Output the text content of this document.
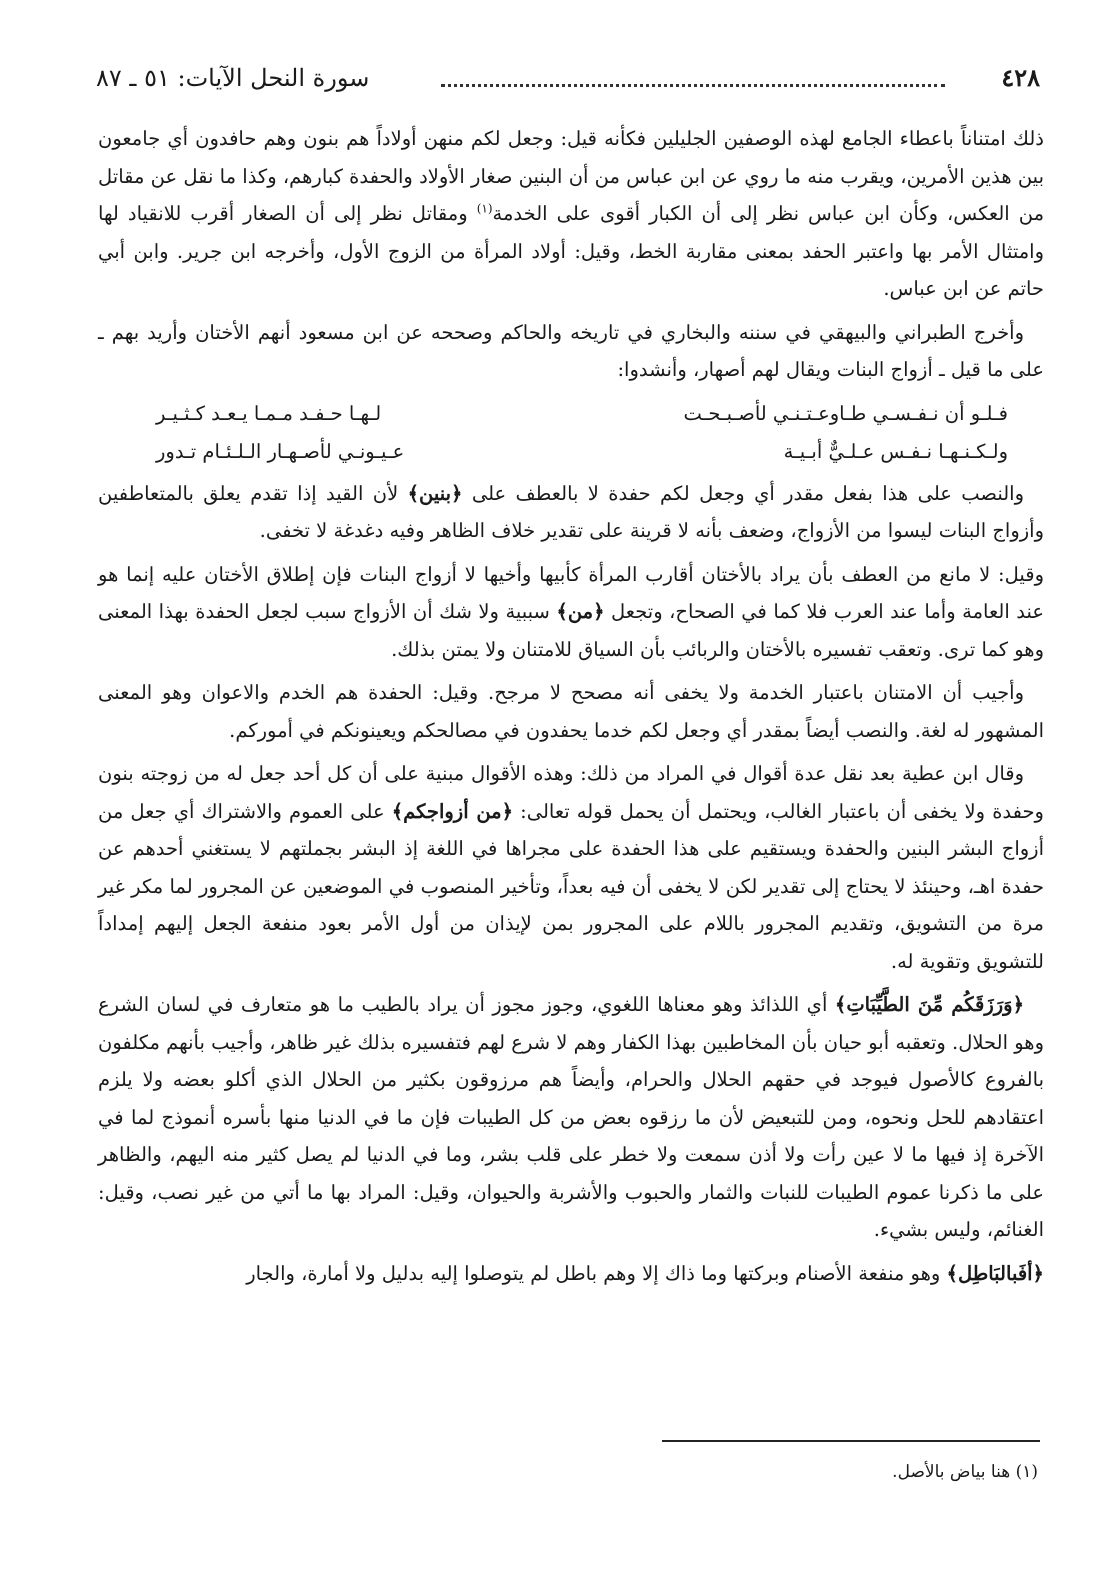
٤٢٨
سورة النحل الآيات: ٥١ ـ ٨٧

ذلك امتناناً باعطاء الجامع لهذه الوصفين الجليلين فكأنه قيل: وجعل لكم منهن أولاداً هم بنون وهم حافدون أي جامعون بين هذين الأمرين، ويقرب منه ما روي عن ابن عباس من أن البنين صغار الأولاد والحفدة كبارهم، وكذا ما نقل عن مقاتل من العكس، وكأن ابن عباس نظر إلى أن الكبار أقوى على الخدمة$^{(١)}$ ومقاتل نظر إلى أن الصغار أقرب للانقياد لها وامتثال الأمر بها واعتبر الحفد بمعنى مقاربة الخط، وقيل: أولاد المرأة من الزوج الأول، وأخرجه ابن جرير. وابن أبي حاتم عن ابن عباس.

وأخرج الطبراني والبيهقي في سننه والبخاري في تاريخه والحاكم وصححه عن ابن مسعود أنهم الأختان وأريد بهم ـ على ما قيل ـ أزواج البنات ويقال لهم أصهار، وأنشدوا:

فـلـو أن نـفـسـي طـاوعـتـنـي لأصـبـحـت
لـهـا حـفـد مـمـا يـعـد كـثـيـر
ولـكـنـهـا نـفـس عـلـيٌّ أبـيـة
عـيـونـي لأصـهـار الـلـئـام تـدور

والنصب على هذا بفعل مقدر أي وجعل لكم حفدة لا بالعطف على ﴿بنين﴾ لأن القيد إذا تقدم يعلق بالمتعاطفين وأزواج البنات ليسوا من الأزواج، وضعف بأنه لا قرينة على تقدير خلاف الظاهر وفيه دغدغة لا تخفى.

وقيل: لا مانع من العطف بأن يراد بالأختان أقارب المرأة كأبيها وأخيها لا أزواج البنات فإن إطلاق الأختان عليه إنما هو عند العامة وأما عند العرب فلا كما في الصحاح، وتجعل ﴿من﴾ سببية ولا شك أن الأزواج سبب لجعل الحفدة بهذا المعنى وهو كما ترى. وتعقب تفسيره بالأختان والربائب بأن السياق للامتنان ولا يمتن بذلك.

وأجيب أن الامتنان باعتبار الخدمة ولا يخفى أنه مصحح لا مرجح. وقيل: الحفدة هم الخدم والاعوان وهو المعنى المشهور له لغة. والنصب أيضاً بمقدر أي وجعل لكم خدما يحفدون في مصالحكم ويعينونكم في أموركم.

وقال ابن عطية بعد نقل عدة أقوال في المراد من ذلك: وهذه الأقوال مبنية على أن كل أحد جعل له من زوجته بنون وحفدة ولا يخفى أن باعتبار الغالب، ويحتمل أن يحمل قوله تعالى: ﴿من أزواجكم﴾ على العموم والاشتراك أي جعل من أزواج البشر البنين والحفدة ويستقيم على هذا الحفدة على مجراها في اللغة إذ البشر بجملتهم لا يستغني أحدهم عن حفدة اهـ، وحينئذ لا يحتاج إلى تقدير لكن لا يخفى أن فيه بعداً، وتأخير المنصوب في الموضعين عن المجرور لما مكر غير مرة من التشويق، وتقديم المجرور باللام على المجرور بمن لإيذان من أول الأمر بعود منفعة الجعل إليهم إمداداً للتشويق وتقوية له.

﴿وَرَزَقَكُم مِّنَ الطَّيِّبَاتِ﴾ أي اللذائذ وهو معناها اللغوي، وجوز مجوز أن يراد بالطيب ما هو متعارف في لسان الشرع وهو الحلال. وتعقبه أبو حيان بأن المخاطبين بهذا الكفار وهم لا شرع لهم فتفسيره بذلك غير ظاهر، وأجيب بأنهم مكلفون بالفروع كالأصول فيوجد في حقهم الحلال والحرام، وأيضاً هم مرزوقون بكثير من الحلال الذي أكلو بعضه ولا يلزم اعتقادهم للحل ونحوه، ومن للتبعيض لأن ما رزقوه بعض من كل الطيبات فإن ما في الدنيا منها بأسره أنموذج لما في الآخرة إذ فيها ما لا عين رأت ولا أذن سمعت ولا خطر على قلب بشر، وما في الدنيا لم يصل كثير منه اليهم، والظاهر على ما ذكرنا عموم الطيبات للنبات والثمار والحبوب والأشربة والحيوان، وقيل: المراد بها ما أتي من غير نصب، وقيل: الغنائم، وليس بشيء.

﴿أفَبالبَاطِل﴾ وهو منفعة الأصنام وبركتها وما ذاك إلا وهم باطل لم يتوصلوا إليه بدليل ولا أمارة، والجار

(١) هنا بياض بالأصل.
